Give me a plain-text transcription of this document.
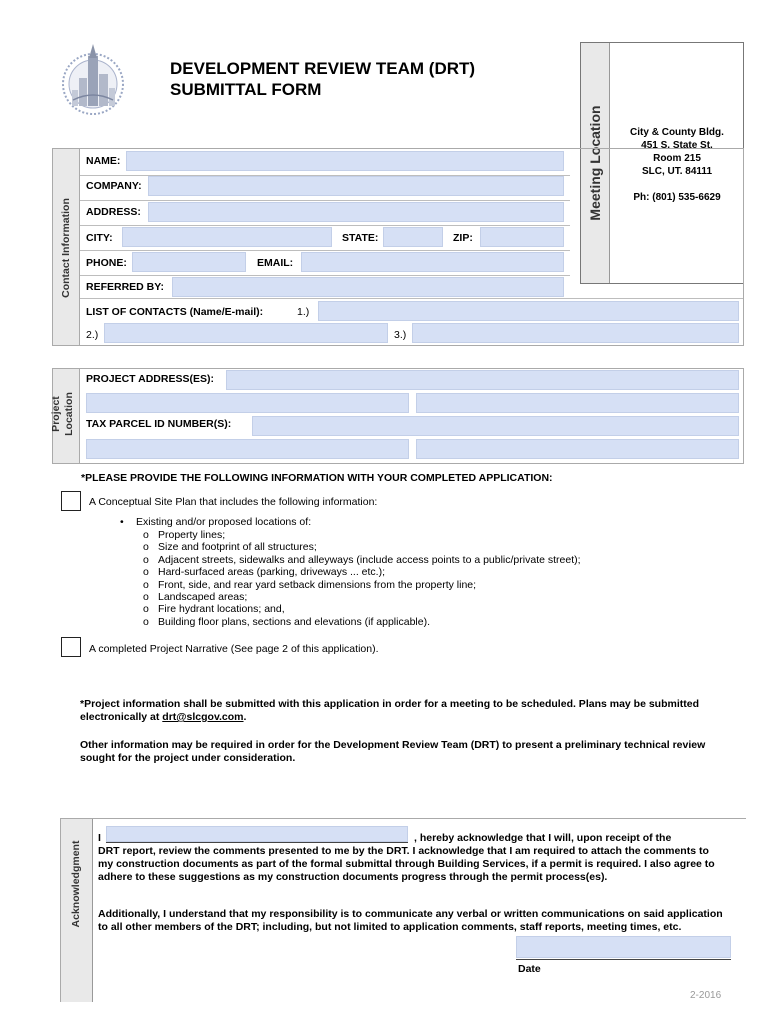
DEVELOPMENT REVIEW TEAM (DRT)
SUBMITTAL FORM
Meeting Location	City & County Bldg.
451 S. State St.
Room 215
SLC, UT. 84111
Ph: (801) 535-6629
Contact Information
NAME:
COMPANY:
ADDRESS:
CITY:	STATE:	ZIP:
PHONE:	EMAIL:
REFERRED BY:
LIST OF CONTACTS (Name/E-mail):	1.)
2.)	3.)
Project Location
PROJECT ADDRESS(ES):
TAX PARCEL ID NUMBER(S):
*PLEASE PROVIDE THE FOLLOWING INFORMATION WITH YOUR COMPLETED APPLICATION:
A Conceptual Site Plan that includes the following information:
• Existing and/or proposed locations of:
o Property lines;
o Size and footprint of all structures;
o Adjacent streets, sidewalks and alleyways (include access points to a public/private street);
o Hard-surfaced areas (parking, driveways ... etc.);
o Front, side, and rear yard setback dimensions from the property line;
o Landscaped areas;
o Fire hydrant locations; and,
o Building floor plans, sections and elevations (if applicable).
A completed Project Narrative (See page 2 of this application).
*Project information shall be submitted with this application in order for a meeting to be scheduled. Plans may be submitted electronically at drt@slcgov.com.
Other information may be required in order for the Development Review Team (DRT) to present a preliminary technical review sought for the project under consideration.
Acknowledgment
I	, hereby acknowledge that I will, upon receipt of the
DRT report, review the comments presented to me by the DRT. I acknowledge that I am required to attach the comments to my construction documents as part of the formal submittal through Building Services, if a permit is required. I also agree to adhere to these suggestions as my construction documents progress through the permit process(es).
Additionally, I understand that my responsibility is to communicate any verbal or written communications on said application to all other members of the DRT; including, but not limited to application comments, staff reports, meeting times, etc.
Date
2-2016
